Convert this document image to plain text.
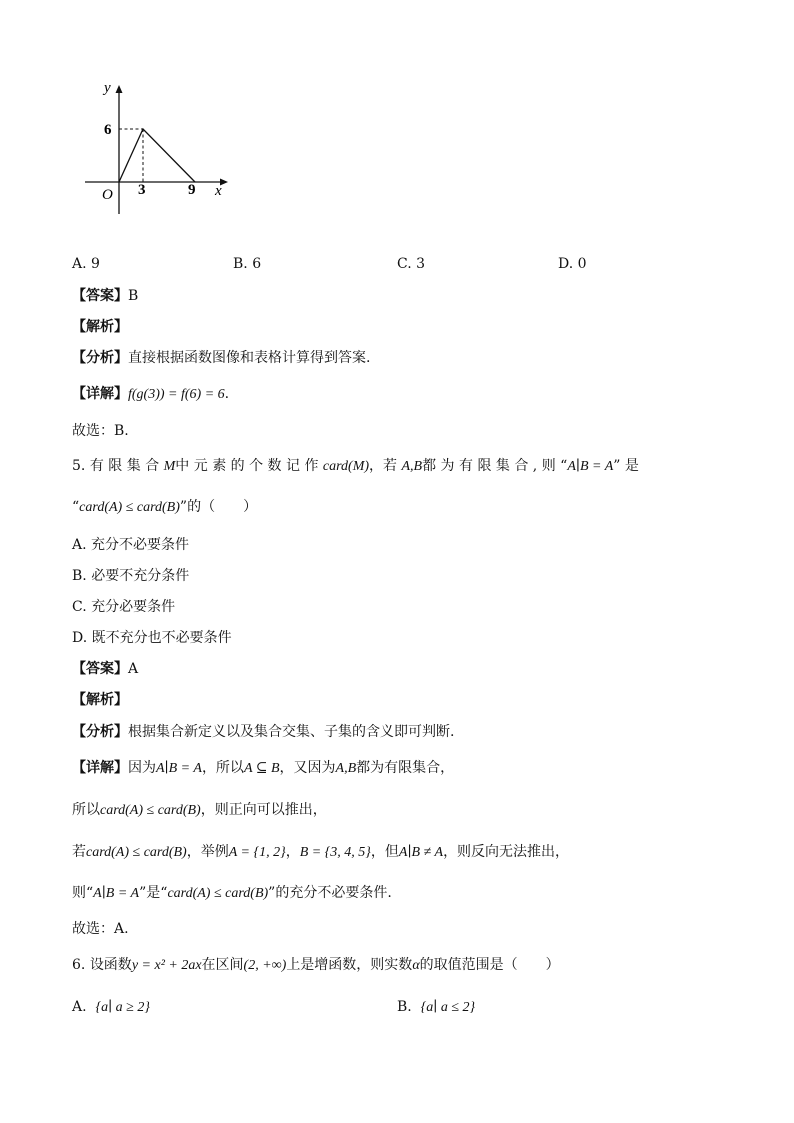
y
6
O 3	9 x
A. 9	B. 6	C. 3	D. 0
【答案】B
【解析】
【分析】直接根据函数图像和表格计算得到答案.
【详解】f(g(3)) = f(6) = 6.
故选：B.
5. 有 限 集 合 M中 元 素 的 个 数 记 作 card(M)，若 A,B都 为 有 限 集 合 , 则 “A∣B = A” 是
“card(A) ≤ card(B)”的（　　）
A. 充分不必要条件
B. 必要不充分条件
C. 充分必要条件
D. 既不充分也不必要条件
【答案】A
【解析】
【分析】根据集合新定义以及集合交集、子集的含义即可判断.
【详解】因为A∣B = A，所以A ⊆ B，又因为A,B都为有限集合，
所以card(A) ≤ card(B)，则正向可以推出，
若card(A) ≤ card(B)，举例A = {1, 2}，B = {3, 4, 5}，但A∣B ≠ A，则反向无法推出，
则“A∣B = A”是“card(A) ≤ card(B)”的充分不必要条件.
故选：A.
6. 设函数y = x² + 2ax在区间(2, +∞)上是增函数，则实数α的取值范围是（　　）
A. {a∣ a ≥ 2}	B. {a∣ a ≤ 2}
